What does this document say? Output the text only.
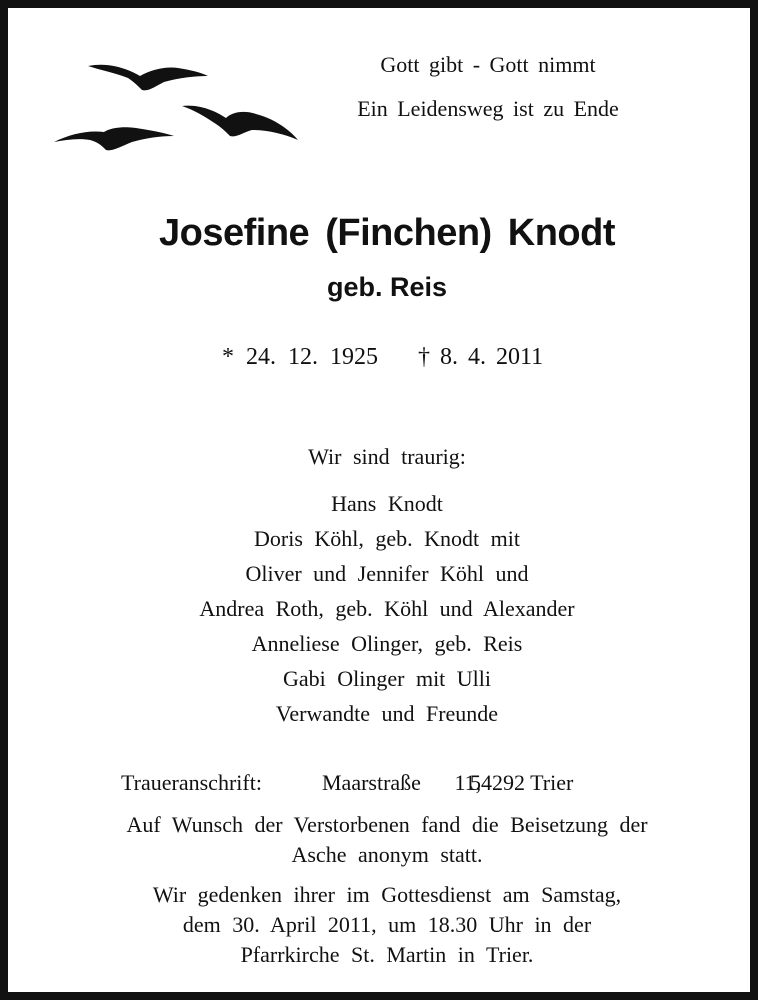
Gott gibt - Gott nimmt
Ein Leidensweg ist zu Ende
Josefine (Finchen) Knodt
geb. Reis
* 24. 12. 1925 † 8. 4. 2011
Wir sind traurig:
Hans Knodt
Doris Köhl, geb. Knodt mit
Oliver und Jennifer Köhl und
Andrea Roth, geb. Köhl und Alexander
Anneliese Olinger, geb. Reis
Gabi Olinger mit Ulli
Verwandte und Freunde
Traueranschrift:	Maarstraße 11,
54292 Trier
Auf Wunsch der Verstorbenen fand die Beisetzung der
Asche anonym statt.
Wir gedenken ihrer im Gottesdienst am Samstag,
dem 30. April 2011, um 18.30 Uhr in der
Pfarrkirche St. Martin in Trier.
